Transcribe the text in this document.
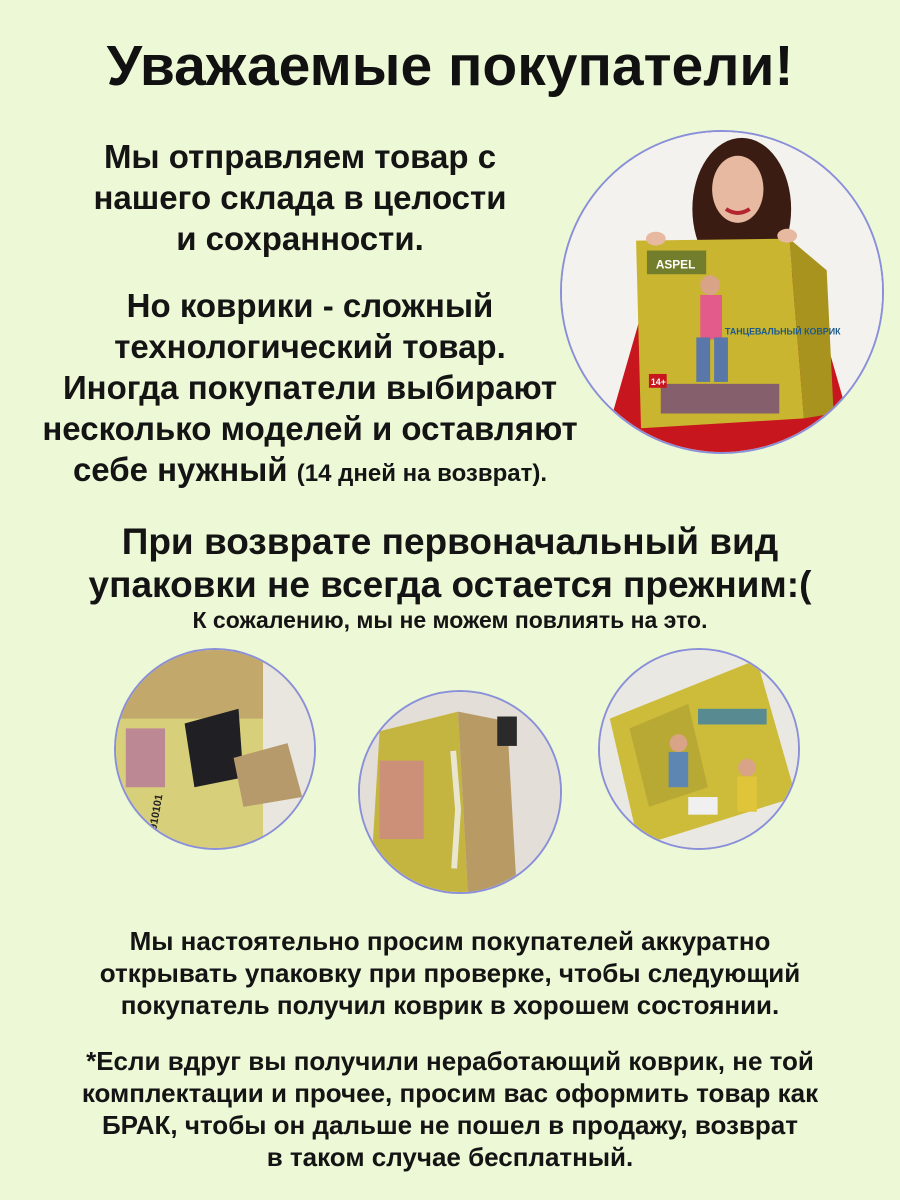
Уважаемые покупатели!
Мы отправляем товар с
нашего склада в целости
и сохранности.
Но коврики - сложный
технологический товар.
Иногда покупатели выбирают
несколько моделей и оставляют
себе нужный (14 дней на возврат).
ASPEL
ТАНЦЕВАЛЬНЫЙ КОВРИК
14+
При возврате первоначальный вид
упаковки не всегда остается прежним:(
К сожалению, мы не можем повлиять на это.
1910101
Мы настоятельно просим покупателей аккуратно
открывать упаковку при проверке, чтобы следующий
покупатель получил коврик в хорошем состоянии.
*Если вдруг вы получили неработающий коврик, не той
комплектации и прочее, просим вас оформить товар как
БРАК, чтобы он дальше не пошел в продажу, возврат
в таком случае бесплатный.
